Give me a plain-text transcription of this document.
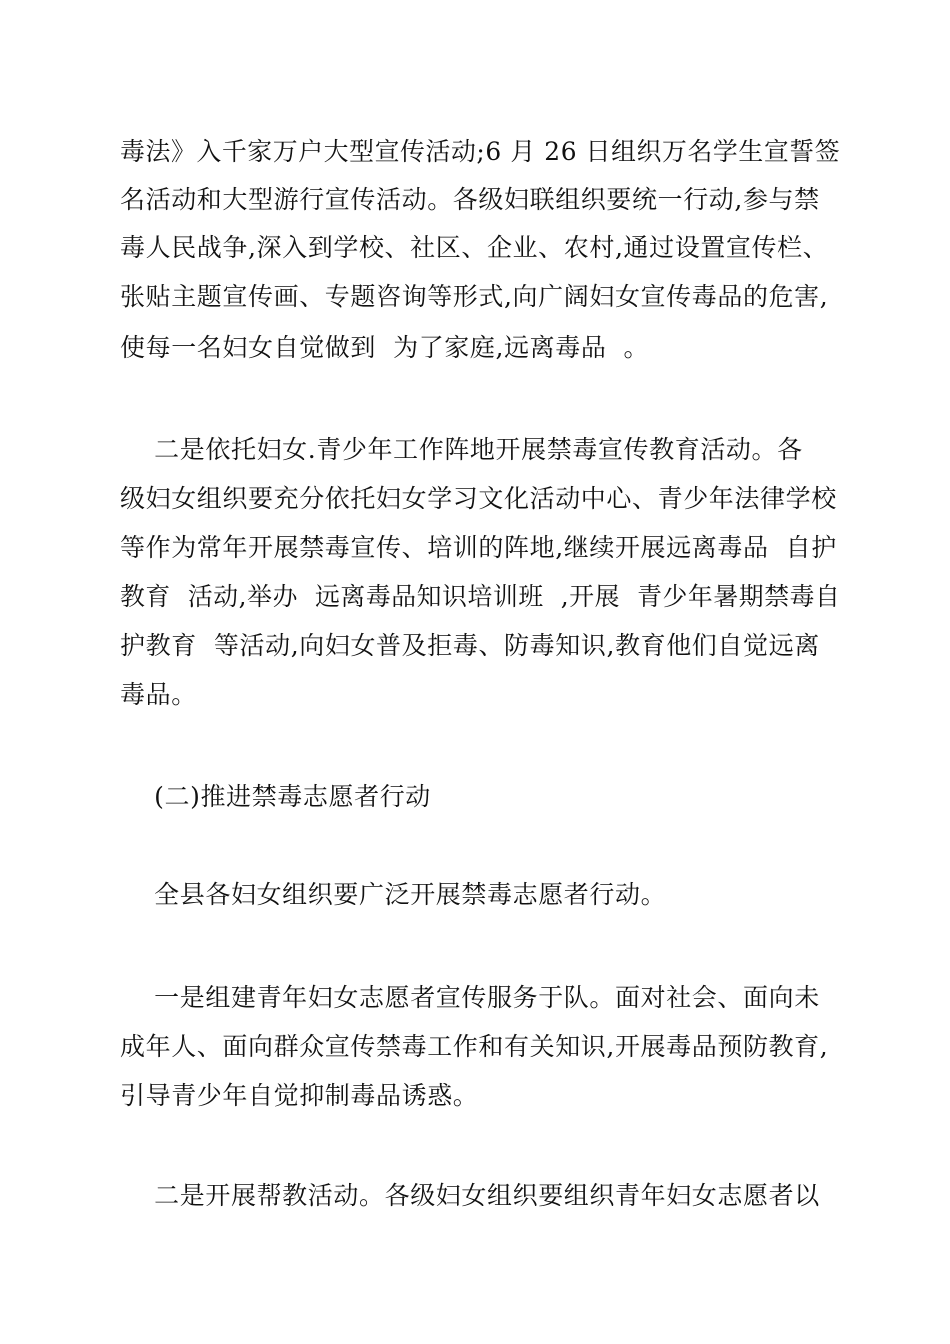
毒法》入千家万户大型宣传活动;6 月 26 日组织万名学生宣誓签
名活动和大型游行宣传活动。各级妇联组织要统一行动,参与禁
毒人民战争,深入到学校、社区、企业、农村,通过设置宣传栏、
张贴主题宣传画、专题咨询等形式,向广阔妇女宣传毒品的危害,
使每一名妇女自觉做到  为了家庭,远离毒品  。
二是依托妇女.青少年工作阵地开展禁毒宣传教育活动。各
级妇女组织要充分依托妇女学习文化活动中心、青少年法律学校
等作为常年开展禁毒宣传、培训的阵地,继续开展远离毒品  自护
教育  活动,举办  远离毒品知识培训班  ,开展  青少年暑期禁毒自
护教育  等活动,向妇女普及拒毒、防毒知识,教育他们自觉远离
毒品。
(二)推进禁毒志愿者行动
全县各妇女组织要广泛开展禁毒志愿者行动。
一是组建青年妇女志愿者宣传服务于队。面对社会、面向未
成年人、面向群众宣传禁毒工作和有关知识,开展毒品预防教育,
引导青少年自觉抑制毒品诱惑。
二是开展帮教活动。各级妇女组织要组织青年妇女志愿者以
